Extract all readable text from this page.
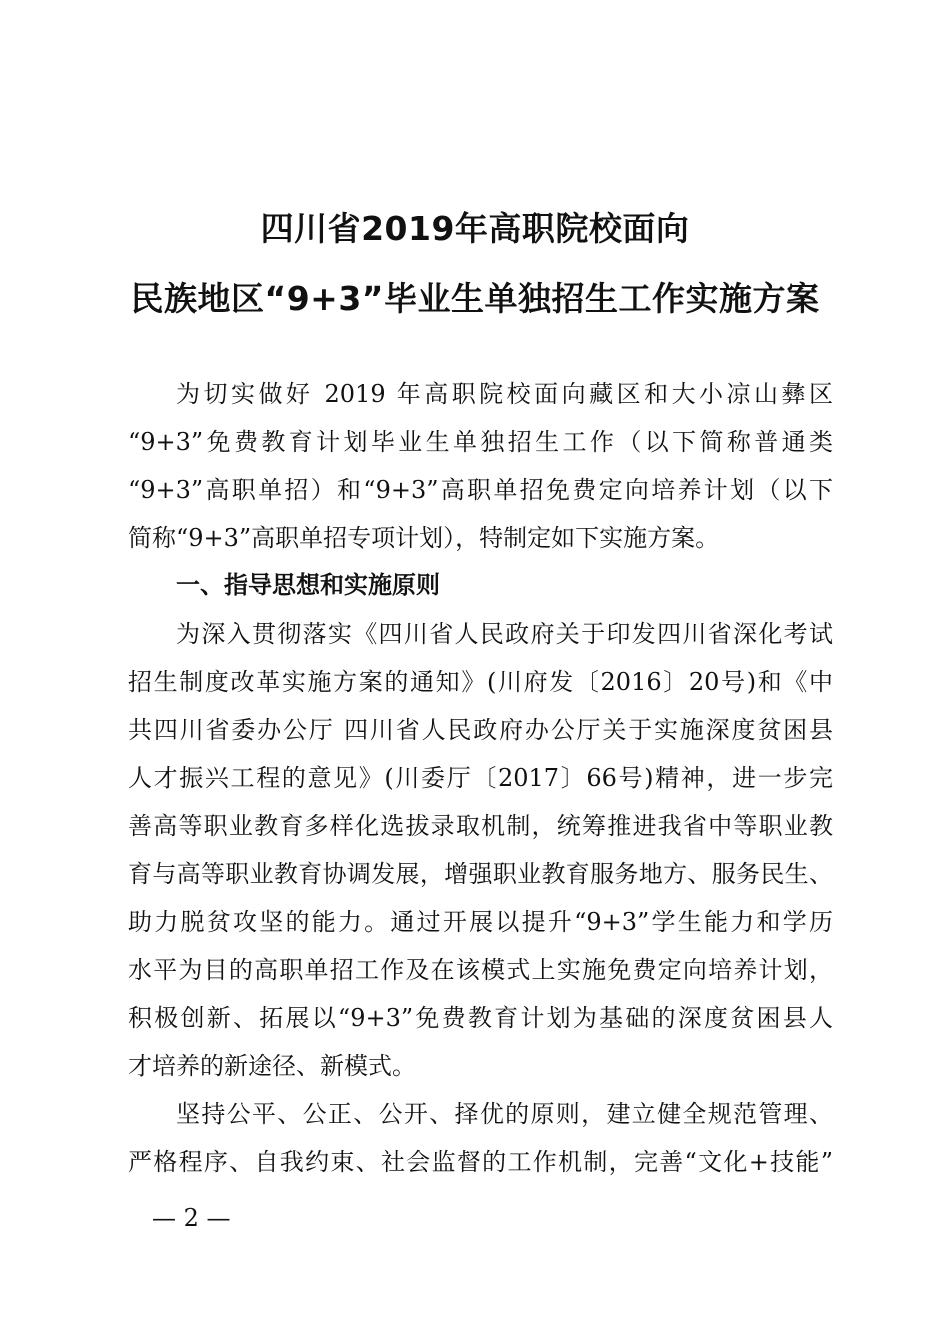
四川省2019年高职院校面向
民族地区“9+3”毕业生单独招生工作实施方案
为切实做好 2019 年高职院校面向藏区和大小凉山彝区
“9+3”免费教育计划毕业生单独招生工作（以下简称普通类
“9+3”高职单招）和“9+3”高职单招免费定向培养计划（以下
简称“9+3”高职单招专项计划），特制定如下实施方案。
一、指导思想和实施原则
为深入贯彻落实《四川省人民政府关于印发四川省深化考试
招生制度改革实施方案的通知》(川府发〔2016〕20号)和《中
共四川省委办公厅 四川省人民政府办公厅关于实施深度贫困县
人才振兴工程的意见》(川委厅〔2017〕66号)精神，进一步完
善高等职业教育多样化选拔录取机制，统筹推进我省中等职业教
育与高等职业教育协调发展，增强职业教育服务地方、服务民生、
助力脱贫攻坚的能力。通过开展以提升“9+3”学生能力和学历
水平为目的高职单招工作及在该模式上实施免费定向培养计划，
积极创新、拓展以“9+3”免费教育计划为基础的深度贫困县人
才培养的新途径、新模式。
坚持公平、公正、公开、择优的原则，建立健全规范管理、
严格程序、自我约束、社会监督的工作机制，完善“文化+技能”
— 2 —
